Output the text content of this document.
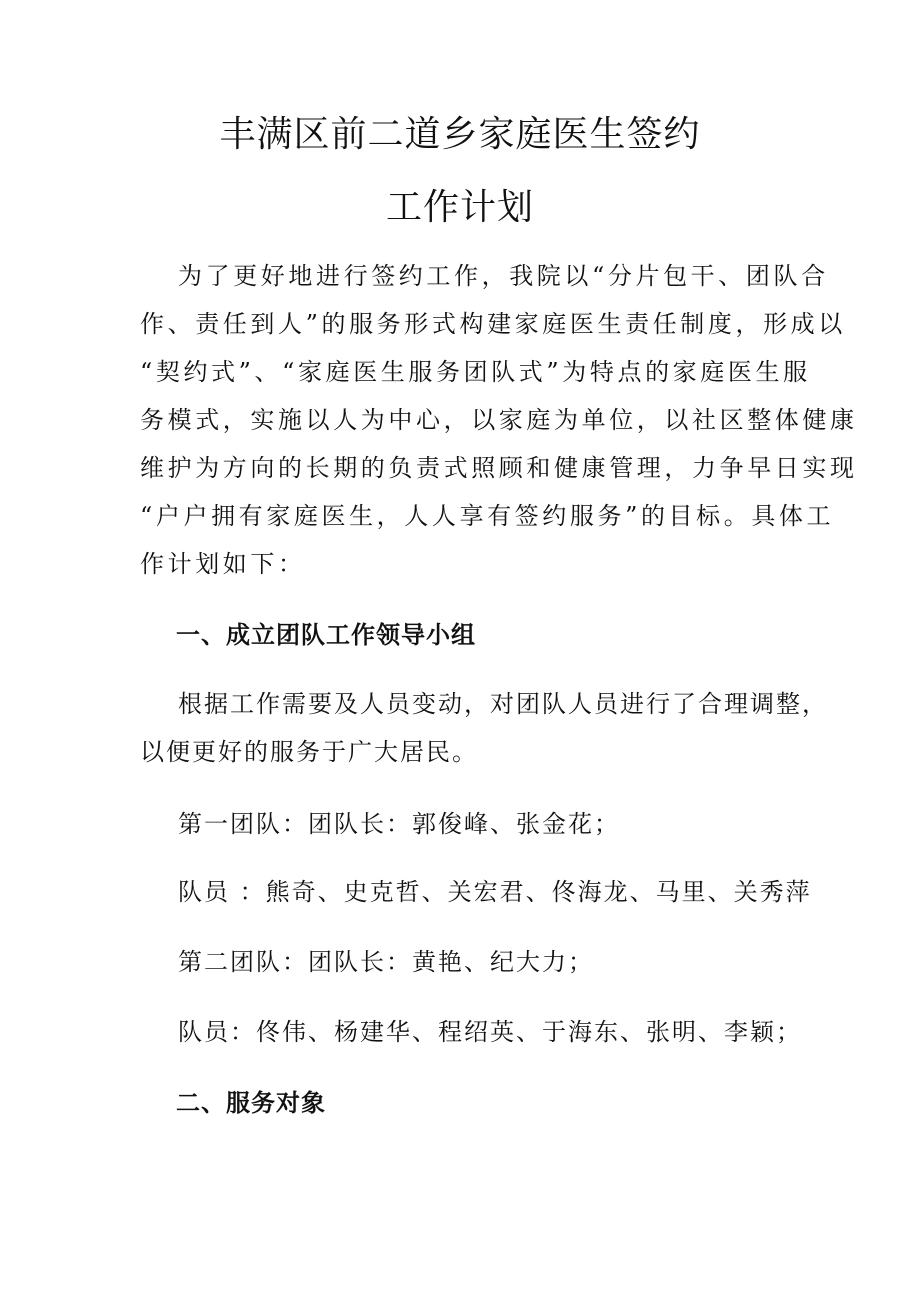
丰满区前二道乡家庭医生签约
工作计划
为了更好地进行签约工作，我院以“分片包干、团队合
作、责任到人”的服务形式构建家庭医生责任制度，形成以
“契约式”、“家庭医生服务团队式”为特点的家庭医生服
务模式，实施以人为中心，以家庭为单位，以社区整体健康
维护为方向的长期的负责式照顾和健康管理，力争早日实现
“户户拥有家庭医生，人人享有签约服务”的目标。具体工
作计划如下：
一、成立团队工作领导小组
根据工作需要及人员变动，对团队人员进行了合理调整，
以便更好的服务于广大居民。
第一团队：团队长：郭俊峰、张金花；
队员 ：熊奇、史克哲、关宏君、佟海龙、马里、关秀萍
第二团队：团队长：黄艳、纪大力；
队员：佟伟、杨建华、程绍英、于海东、张明、李颖；
二、服务对象
